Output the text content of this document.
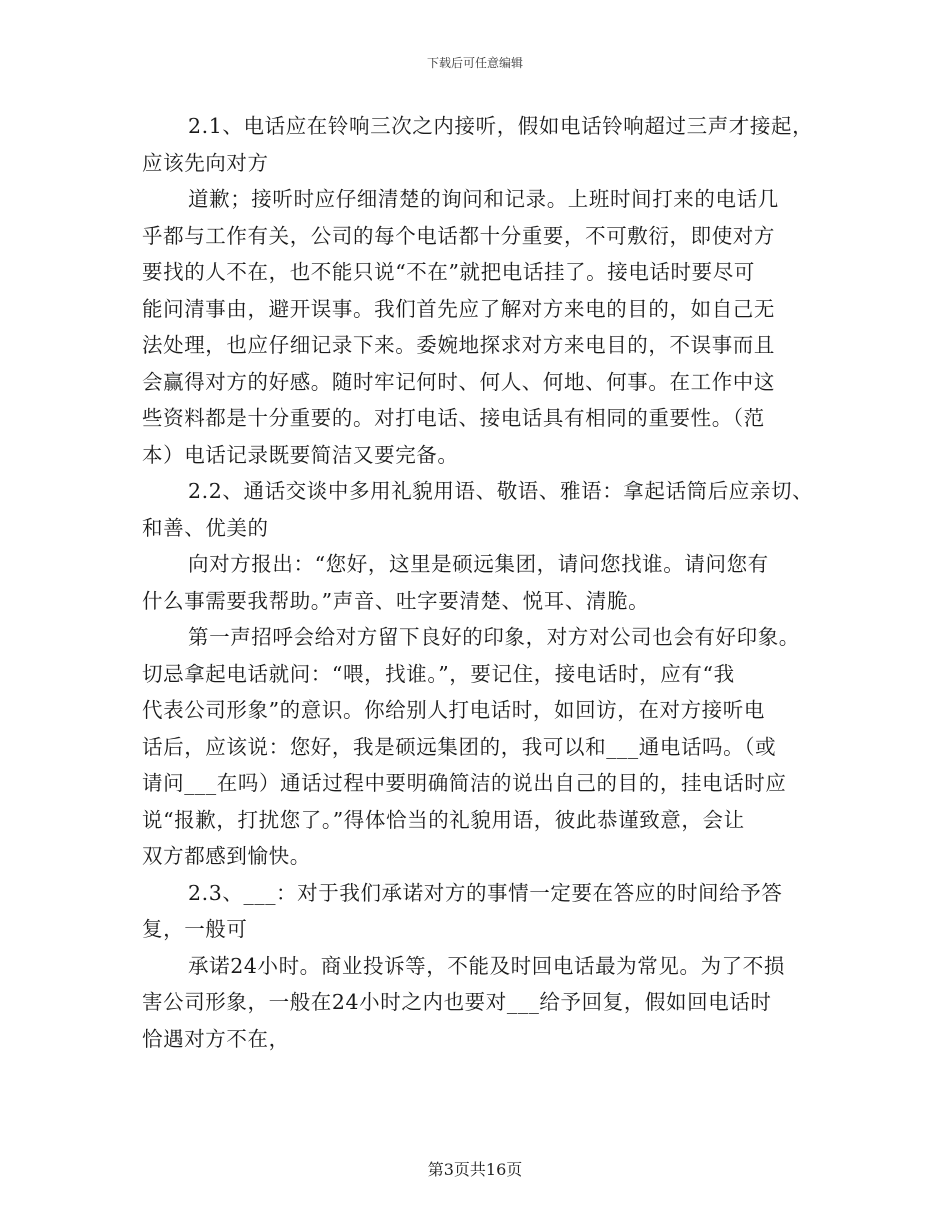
下载后可任意编辑
2.1、电话应在铃响三次之内接听，假如电话铃响超过三声才接起，
应该先向对方
道歉；接听时应仔细清楚的询问和记录。上班时间打来的电话几
乎都与工作有关，公司的每个电话都十分重要，不可敷衍，即使对方
要找的人不在，也不能只说“不在”就把电话挂了。接电话时要尽可
能问清事由，避开误事。我们首先应了解对方来电的目的，如自己无
法处理，也应仔细记录下来。委婉地探求对方来电目的，不误事而且
会赢得对方的好感。随时牢记何时、何人、何地、何事。在工作中这
些资料都是十分重要的。对打电话、接电话具有相同的重要性。（范
本）电话记录既要简洁又要完备。
2.2、通话交谈中多用礼貌用语、敬语、雅语：拿起话筒后应亲切、
和善、优美的
向对方报出：“您好，这里是硕远集团，请问您找谁。请问您有
什么事需要我帮助。”声音、吐字要清楚、悦耳、清脆。
第一声招呼会给对方留下良好的印象，对方对公司也会有好印象。
切忌拿起电话就问：“喂，找谁。”，要记住，接电话时，应有“我
代表公司形象”的意识。你给别人打电话时，如回访，在对方接听电
话后，应该说：您好，我是硕远集团的，我可以和___通电话吗。（或
请问___在吗）通话过程中要明确简洁的说出自己的目的，挂电话时应
说“报歉，打扰您了。”得体恰当的礼貌用语，彼此恭谨致意，会让
双方都感到愉快。
2.3、___：对于我们承诺对方的事情一定要在答应的时间给予答
复，一般可
承诺24小时。商业投诉等，不能及时回电话最为常见。为了不损
害公司形象，一般在24小时之内也要对___给予回复，假如回电话时
恰遇对方不在，
第3页共16页
